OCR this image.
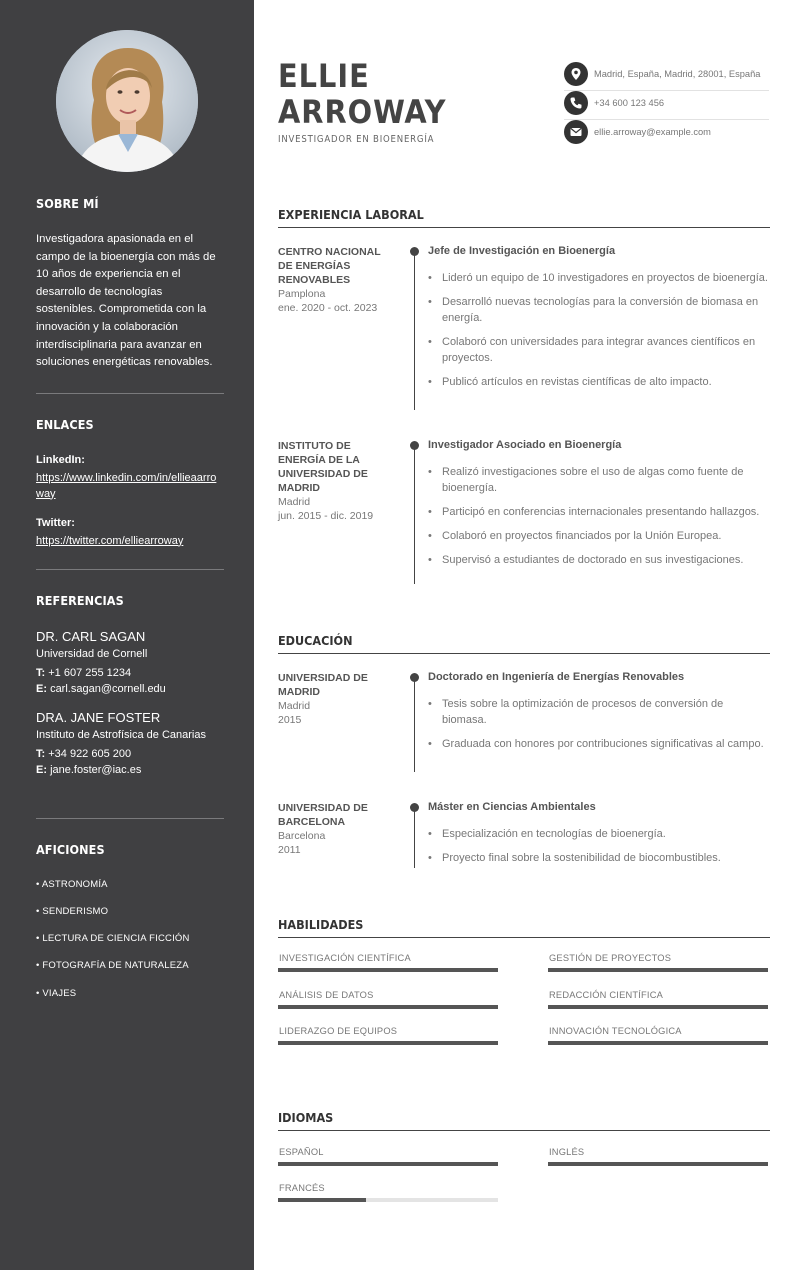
SOBRE MÍ
Investigadora apasionada en el campo de la bioenergía con más de 10 años de experiencia en el desarrollo de tecnologías sostenibles. Comprometida con la innovación y la colaboración interdisciplinaria para avanzar en soluciones energéticas renovables.
ENLACES
LinkedIn:
https://www.linkedin.com/in/ellieaarroway
Twitter:
https://twitter.com/elliearroway
REFERENCIAS
DR. CARL SAGAN
Universidad de Cornell
T: +1 607 255 1234
E: carl.sagan@cornell.edu
DRA. JANE FOSTER
Instituto de Astrofísica de Canarias
T: +34 922 605 200
E: jane.foster@iac.es
AFICIONES
• ASTRONOMÍA
• SENDERISMO
• LECTURA DE CIENCIA FICCIÓN
• FOTOGRAFÍA DE NATURALEZA
• VIAJES
ELLIE
ARROWAY
INVESTIGADOR EN BIOENERGÍA
Madrid, España, Madrid, 28001, España
+34 600 123 456
ellie.arroway@example.com
EXPERIENCIA LABORAL
CENTRO NACIONAL DE ENERGÍAS RENOVABLES
Pamplona
ene. 2020 - oct. 2023
Jefe de Investigación en Bioenergía
• Lideró un equipo de 10 investigadores en proyectos de bioenergía.
• Desarrolló nuevas tecnologías para la conversión de biomasa en energía.
• Colaboró con universidades para integrar avances científicos en proyectos.
• Publicó artículos en revistas científicas de alto impacto.
INSTITUTO DE ENERGÍA DE LA UNIVERSIDAD DE MADRID
Madrid
jun. 2015 - dic. 2019
Investigador Asociado en Bioenergía
• Realizó investigaciones sobre el uso de algas como fuente de bioenergía.
• Participó en conferencias internacionales presentando hallazgos.
• Colaboró en proyectos financiados por la Unión Europea.
• Supervisó a estudiantes de doctorado en sus investigaciones.
EDUCACIÓN
UNIVERSIDAD DE MADRID
Madrid
2015
Doctorado en Ingeniería de Energías Renovables
• Tesis sobre la optimización de procesos de conversión de biomasa.
• Graduada con honores por contribuciones significativas al campo.
UNIVERSIDAD DE BARCELONA
Barcelona
2011
Máster en Ciencias Ambientales
• Especialización en tecnologías de bioenergía.
• Proyecto final sobre la sostenibilidad de biocombustibles.
HABILIDADES
INVESTIGACIÓN CIENTÍFICA	GESTIÓN DE PROYECTOS
ANÁLISIS DE DATOS	REDACCIÓN CIENTÍFICA
LIDERAZGO DE EQUIPOS	INNOVACIÓN TECNOLÓGICA
IDIOMAS
ESPAÑOL	INGLÉS
FRANCÉS
